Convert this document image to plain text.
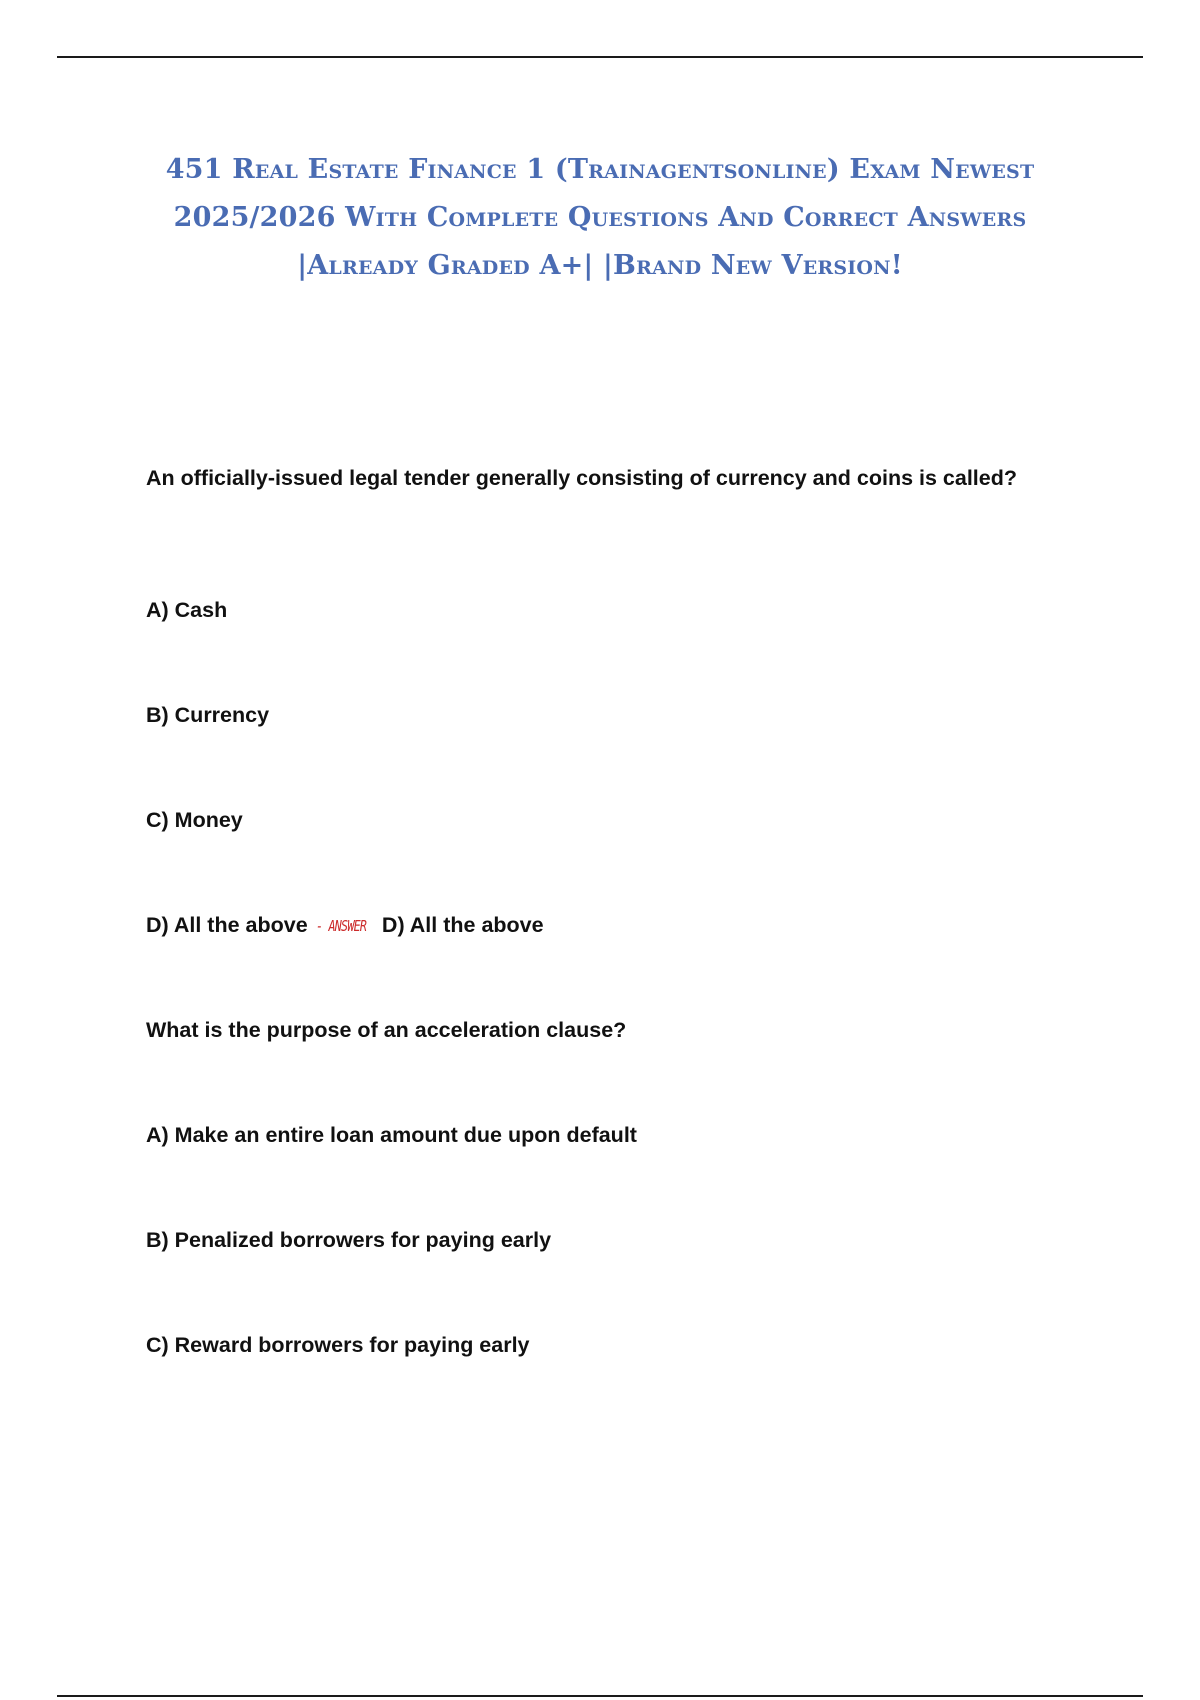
451 Real Estate Finance 1 (Trainagentsonline) Exam Newest 2025/2026 With Complete Questions And Correct Answers |Already Graded A+| |Brand New Version!

An officially-issued legal tender generally consisting of currency and coins is called?

A) Cash

B) Currency

C) Money

D) All the above - ANSWER D) All the above

What is the purpose of an acceleration clause?

A) Make an entire loan amount due upon default

B) Penalized borrowers for paying early

C) Reward borrowers for paying early
